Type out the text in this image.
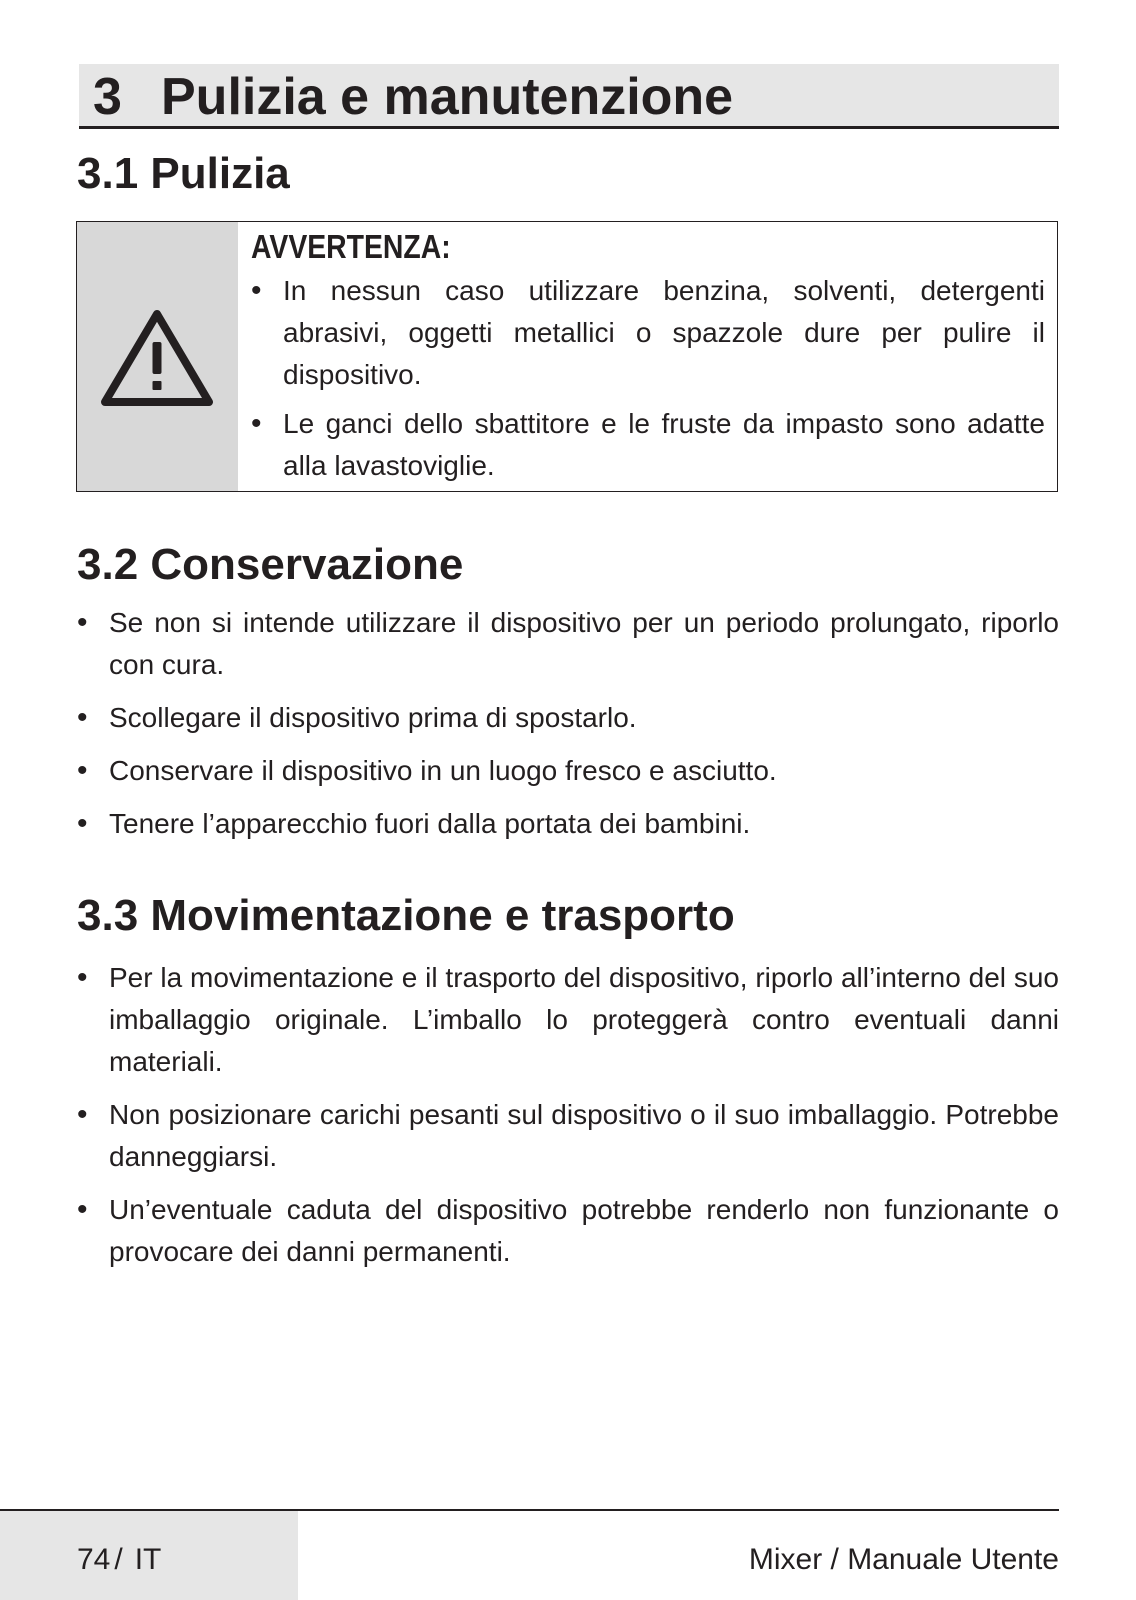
3 Pulizia e manutenzione
3.1 Pulizia

AVVERTENZA:

• In nessun caso utilizzare benzina, solventi, detergenti abrasivi, oggetti metallici o spazzole dure per pulire il dispositivo.
• Le ganci dello sbattitore e le fruste da impasto sono adatte alla lavastoviglie.
3.2 Conservazione
• Se non si intende utilizzare il dispositivo per un periodo prolungato, riporlo con cura.
• Scollegare il dispositivo prima di spostarlo.
• Conservare il dispositivo in un luogo fresco e asciutto.
• Tenere l’apparecchio fuori dalla portata dei bambini.
3.3 Movimentazione e trasporto
• Per la movimentazione e il trasporto del dispositivo, riporlo all’interno del suo imballaggio originale. L’imballo lo proteggerà contro eventuali danni materiali.
• Non posizionare carichi pesanti sul dispositivo o il suo imballaggio. Potrebbe danneggiarsi.
• Un’eventuale caduta del dispositivo potrebbe renderlo non funzionante o provocare dei danni permanenti.
74 / IT	Mixer / Manuale Utente
